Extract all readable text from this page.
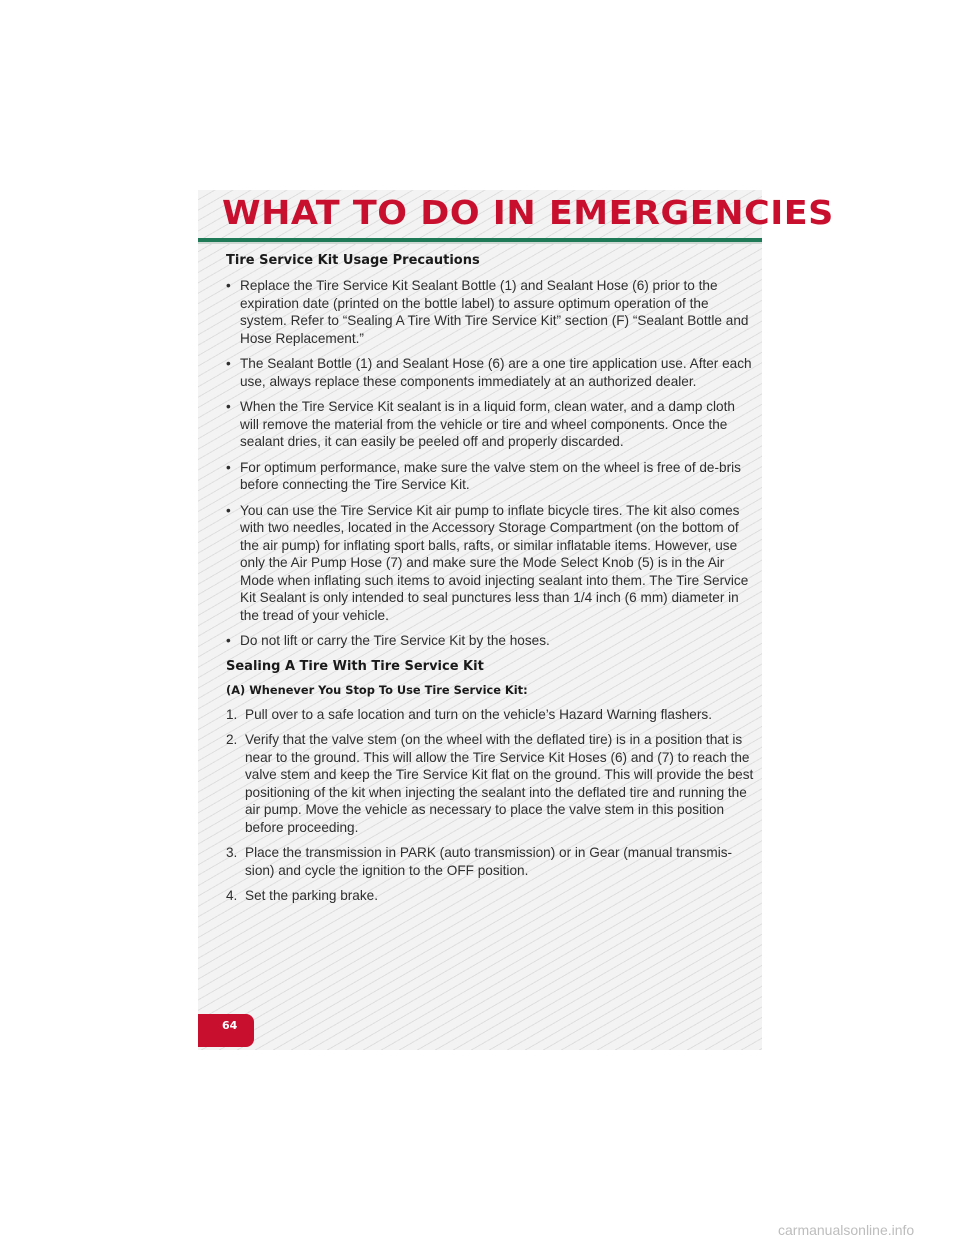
WHAT TO DO IN EMERGENCIES
Tire Service Kit Usage Precautions
• Replace the Tire Service Kit Sealant Bottle (1) and Sealant Hose (6) prior to the expiration date (printed on the bottle label) to assure optimum operation of the system. Refer to “Sealing A Tire With Tire Service Kit” section (F) “Sealant Bottle and Hose Replacement.”
• The Sealant Bottle (1) and Sealant Hose (6) are a one tire application use. After each use, always replace these components immediately at an authorized dealer.
• When the Tire Service Kit sealant is in a liquid form, clean water, and a damp cloth will remove the material from the vehicle or tire and wheel components. Once the sealant dries, it can easily be peeled off and properly discarded.
• For optimum performance, make sure the valve stem on the wheel is free of de-bris before connecting the Tire Service Kit.
• You can use the Tire Service Kit air pump to inflate bicycle tires. The kit also comes with two needles, located in the Accessory Storage Compartment (on the bottom of the air pump) for inflating sport balls, rafts, or similar inflatable items. However, use only the Air Pump Hose (7) and make sure the Mode Select Knob (5) is in the Air Mode when inflating such items to avoid injecting sealant into them. The Tire Service Kit Sealant is only intended to seal punctures less than 1/4 inch (6 mm) diameter in the tread of your vehicle.
• Do not lift or carry the Tire Service Kit by the hoses.
Sealing A Tire With Tire Service Kit
(A) Whenever You Stop To Use Tire Service Kit:
1. Pull over to a safe location and turn on the vehicle’s Hazard Warning flashers.
2. Verify that the valve stem (on the wheel with the deflated tire) is in a position that is near to the ground. This will allow the Tire Service Kit Hoses (6) and (7) to reach the valve stem and keep the Tire Service Kit flat on the ground. This will provide the best positioning of the kit when injecting the sealant into the deflated tire and running the air pump. Move the vehicle as necessary to place the valve stem in this position before proceeding.
3. Place the transmission in PARK (auto transmission) or in Gear (manual transmis-sion) and cycle the ignition to the OFF position.
4. Set the parking brake.
64
carmanualsonline.info
